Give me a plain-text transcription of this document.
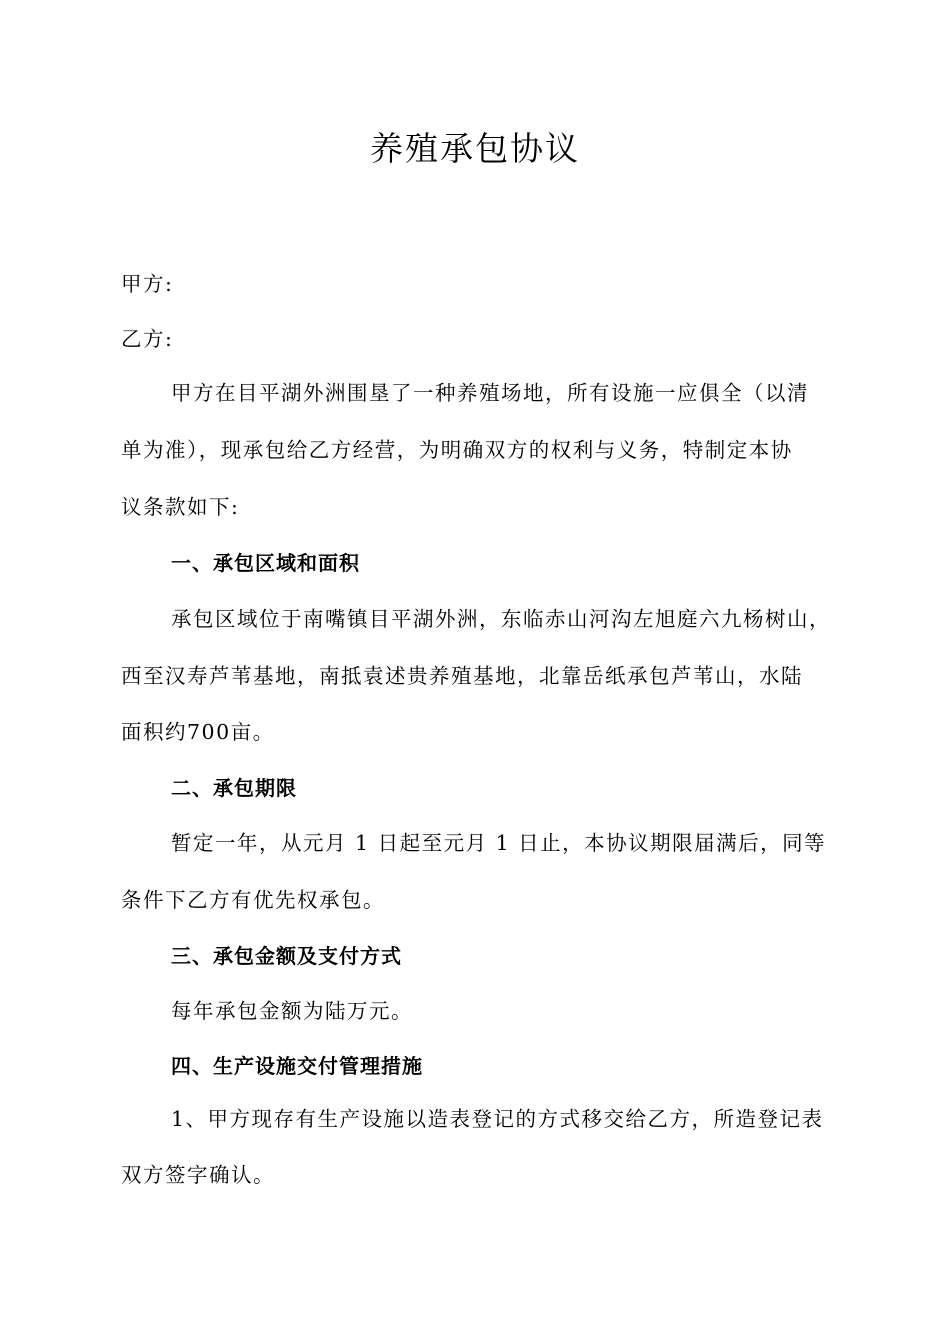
养殖承包协议
甲方:
乙方:
甲方在目平湖外洲围垦了一种养殖场地，所有设施一应俱全（以清
单为准），现承包给乙方经营，为明确双方的权利与义务，特制定本协
议条款如下:
一、承包区域和面积
承包区域位于南嘴镇目平湖外洲，东临赤山河沟左旭庭六九杨树山，
西至汉寿芦苇基地，南抵袁述贵养殖基地，北靠岳纸承包芦苇山，水陆
面积约700亩。
二、承包期限
暂定一年，从元月 1 日起至元月 1 日止，本协议期限届满后，同等
条件下乙方有优先权承包。
三、承包金额及支付方式
每年承包金额为陆万元。
四、生产设施交付管理措施
1、甲方现存有生产设施以造表登记的方式移交给乙方，所造登记表
双方签字确认。
